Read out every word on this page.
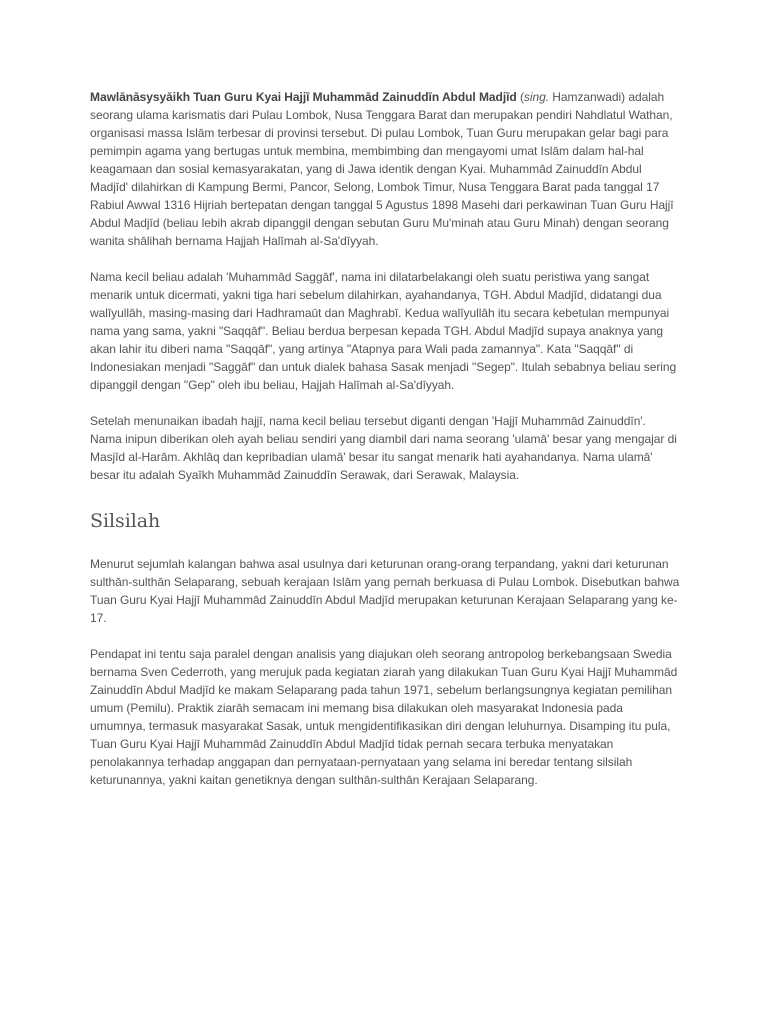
Mawlānāsysyāikh Tuan Guru Kyai Hajjī Muhammād Zainuddīn Abdul Madjīd (sing. Hamzanwadi) adalah seorang ulama karismatis dari Pulau Lombok, Nusa Tenggara Barat dan merupakan pendiri Nahdlatul Wathan, organisasi massa Islām terbesar di provinsi tersebut. Di pulau Lombok, Tuan Guru merupakan gelar bagi para pemimpin agama yang bertugas untuk membina, membimbing dan mengayomi umat Islām dalam hal-hal keagamaan dan sosial kemasyarakatan, yang di Jawa identik dengan Kyai. Muhammād Zainuddīn Abdul Madjīd' dilahirkan di Kampung Bermi, Pancor, Selong, Lombok Timur, Nusa Tenggara Barat pada tanggal 17 Rabiul Awwal 1316 Hijriah bertepatan dengan tanggal 5 Agustus 1898 Masehi dari perkawinan Tuan Guru Hajjī Abdul Madjīd (beliau lebih akrab dipanggil dengan sebutan Guru Mu'minah atau Guru Minah) dengan seorang wanita shālihah bernama Hajjah Halīmah al-Sa'dīyyah.

Nama kecil beliau adalah 'Muhammād Saggāf', nama ini dilatarbelakangi oleh suatu peristiwa yang sangat menarik untuk dicermati, yakni tiga hari sebelum dilahirkan, ayahandanya, TGH. Abdul Madjīd, didatangi dua walīyullāh, masing-masing dari Hadhramaūt dan Maghrabī. Kedua walīyullāh itu secara kebetulan mempunyai nama yang sama, yakni "Saqqāf". Beliau berdua berpesan kepada TGH. Abdul Madjīd supaya anaknya yang akan lahir itu diberi nama "Saqqāf", yang artinya "Atapnya para Wali pada zamannya". Kata "Saqqāf" di Indonesiakan menjadi "Saggāf" dan untuk dialek bahasa Sasak menjadi "Segep". Itulah sebabnya beliau sering dipanggil dengan "Gep" oleh ibu beliau, Hajjah Halīmah al-Sa'dīyyah.

Setelah menunaikan ibadah hajjī, nama kecil beliau tersebut diganti dengan 'Hajjī Muhammād Zainuddīn'. Nama inipun diberikan oleh ayah beliau sendiri yang diambil dari nama seorang 'ulamā' besar yang mengajar di Masjīd al-Harām. Akhlāq dan kepribadian ulamā' besar itu sangat menarik hati ayahandanya. Nama ulamā' besar itu adalah Syaīkh Muhammād Zainuddīn Serawak, dari Serawak, Malaysia.

Silsilah

Menurut sejumlah kalangan bahwa asal usulnya dari keturunan orang-orang terpandang, yakni dari keturunan sulthān-sulthān Selaparang, sebuah kerajaan Islām yang pernah berkuasa di Pulau Lombok. Disebutkan bahwa Tuan Guru Kyai Hajjī Muhammād Zainuddīn Abdul Madjīd merupakan keturunan Kerajaan Selaparang yang ke-17.

Pendapat ini tentu saja paralel dengan analisis yang diajukan oleh seorang antropolog berkebangsaan Swedia bernama Sven Cederroth, yang merujuk pada kegiatan ziarah yang dilakukan Tuan Guru Kyai Hajjī Muhammād Zainuddīn Abdul Madjīd ke makam Selaparang pada tahun 1971, sebelum berlangsungnya kegiatan pemilihan umum (Pemilu). Praktik ziarāh semacam ini memang bisa dilakukan oleh masyarakat Indonesia pada umumnya, termasuk masyarakat Sasak, untuk mengidentifikasikan diri dengan leluhurnya. Disamping itu pula, Tuan Guru Kyai Hajjī Muhammād Zainuddīn Abdul Madjīd tidak pernah secara terbuka menyatakan penolakannya terhadap anggapan dan pernyataan-pernyataan yang selama ini beredar tentang silsilah keturunannya, yakni kaitan genetiknya dengan sulthān-sulthān Kerajaan Selaparang.
